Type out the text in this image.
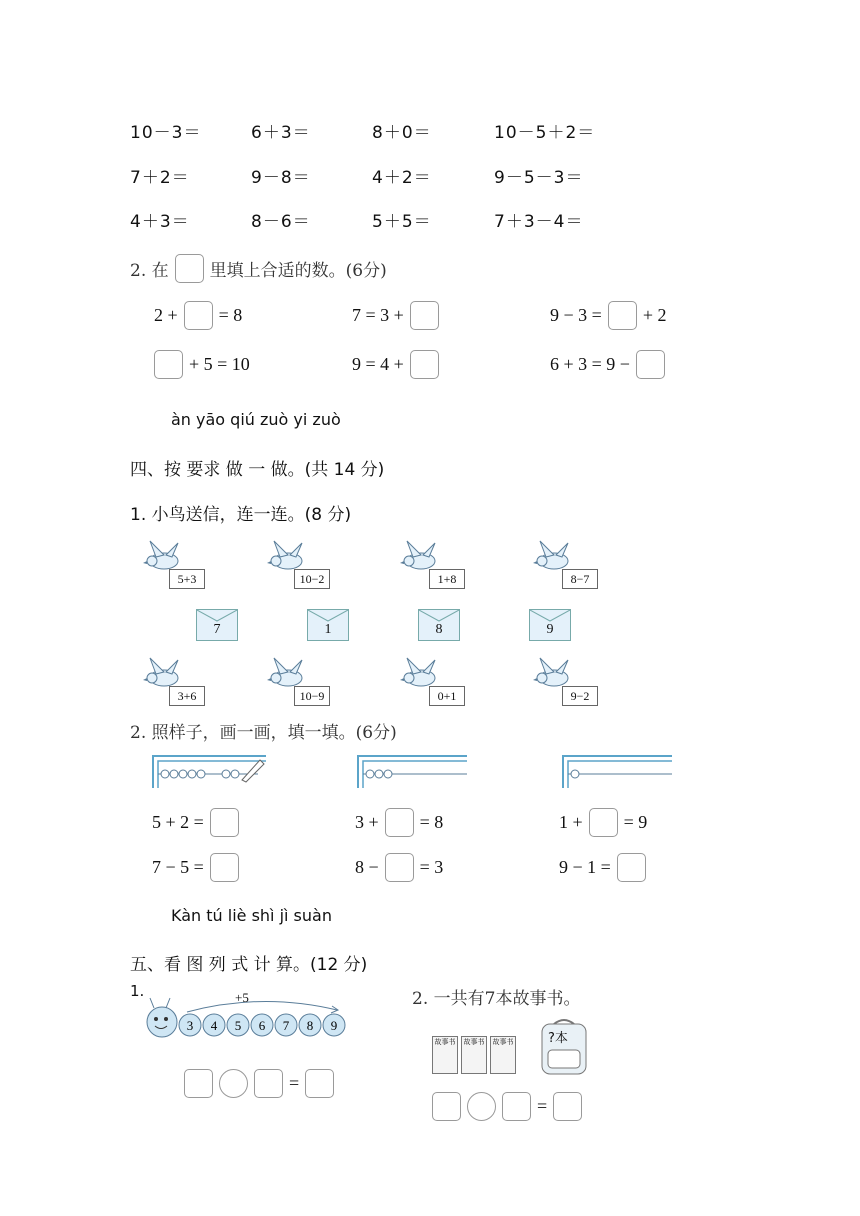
10－3＝	6＋3＝	8＋0＝	10－5＋2＝
7＋2＝	9－8＝	4＋2＝	9－5－3＝
4＋3＝	8－6＝	5＋5＝	7＋3－4＝
2. 在 里填上合适的数。(6分)
2 + = 8	7 = 3 +	9 − 3 = + 2
+ 5 = 10	9 = 4 +	6 + 3 = 9 −
àn yāo qiú zuò yi zuò
四、按 要求 做 一 做。(共 14 分)
1. 小鸟送信，连一连。(8 分)
5+3	10−2	1+8	8−7
7	1	8	9
3+6	10−9	0+1	9−2
2. 照样子，画一画，填一填。(6分)
5 + 2 =	3 + = 8	1 + = 9
7 − 5 =	8 − = 3	9 − 1 =
Kàn tú liè shì jì suàn
五、看 图 列 式 计 算。(12 分)
1.
3 4 5 6 7 8 9
+5
=
2. 一共有7本故事书。
故事书	故事书	故事书	?本
=
